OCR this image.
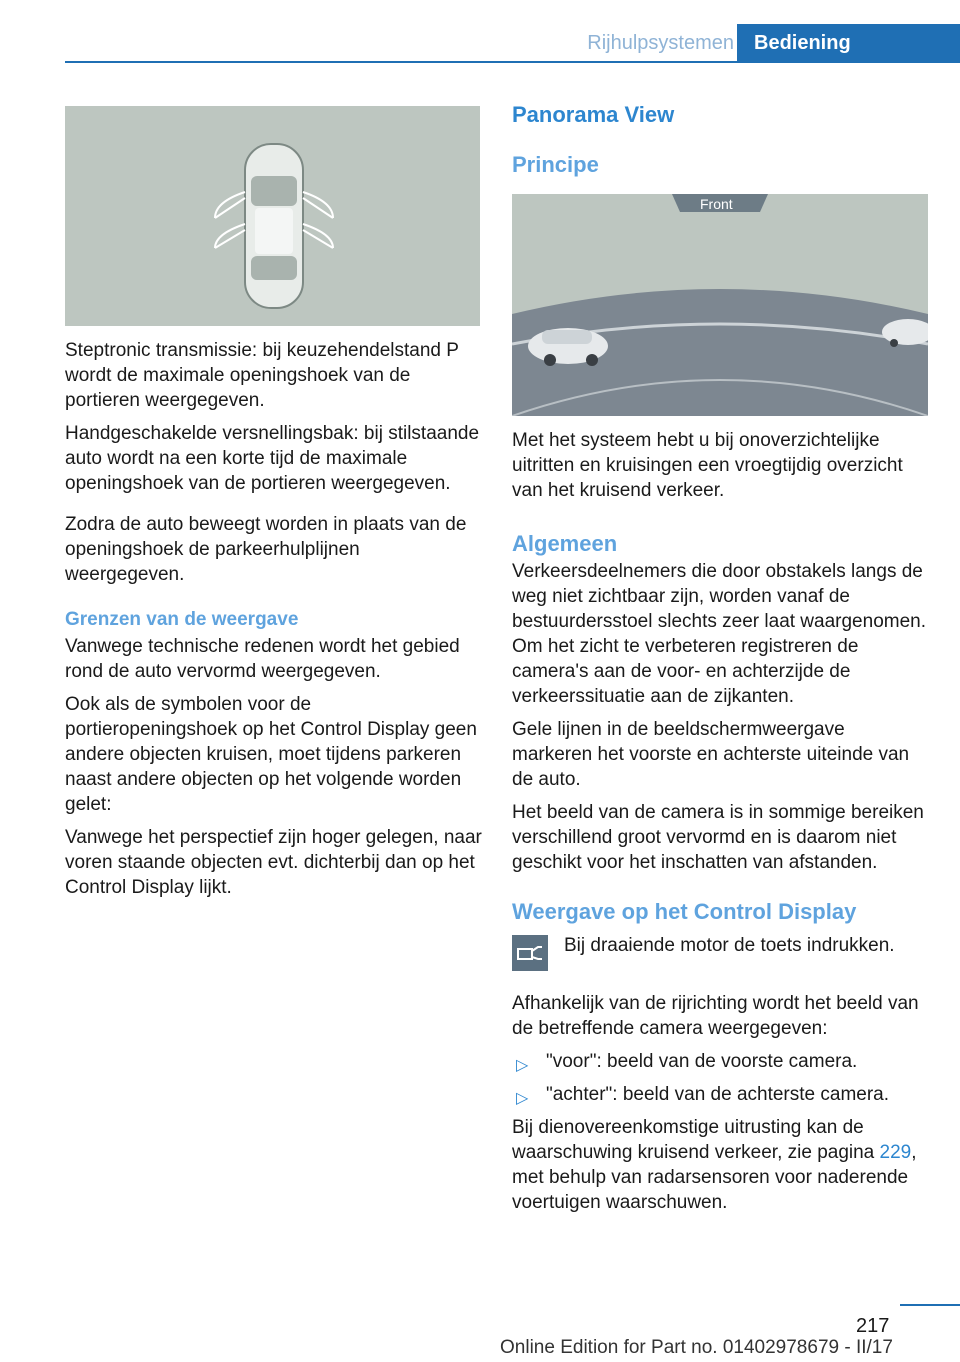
Rijhulpsystemen	Bediening

Steptronic transmissie: bij keuzehendelstand P wordt de maximale openingshoek van de portieren weergegeven.

Handgeschakelde versnellingsbak: bij stilstaande auto wordt na een korte tijd de maximale openingshoek van de portieren weergegeven.

Zodra de auto beweegt worden in plaats van de openingshoek de parkeerhulplijnen weergegeven.

Grenzen van de weergave

Vanwege technische redenen wordt het gebied rond de auto vervormd weergegeven.

Ook als de symbolen voor de portieropeningshoek op het Control Display geen andere objecten kruisen, moet tijdens parkeren naast andere objecten op het volgende worden gelet:

Vanwege het perspectief zijn hoger gelegen, naar voren staande objecten evt. dichterbij dan op het Control Display lijkt.

Panorama View
Principe
Front

Met het systeem hebt u bij onoverzichtelijke uitritten en kruisingen een vroegtijdig overzicht van het kruisend verkeer.

Algemeen

Verkeersdeelnemers die door obstakels langs de weg niet zichtbaar zijn, worden vanaf de bestuurdersstoel slechts zeer laat waargenomen. Om het zicht te verbeteren registreren de camera's aan de voor- en achterzijde de verkeerssituatie aan de zijkanten.

Gele lijnen in de beeldschermweergave markeren het voorste en achterste uiteinde van de auto.

Het beeld van de camera is in sommige bereiken verschillend groot vervormd en is daarom niet geschikt voor het inschatten van afstanden.

Weergave op het Control Display

Bij draaiende motor de toets indrukken.

Afhankelijk van de rijrichting wordt het beeld van de betreffende camera weergegeven:

▷ "voor": beeld van de voorste camera.
▷ "achter": beeld van de achterste camera.

Bij dienovereenkomstige uitrusting kan de waarschuwing kruisend verkeer, zie pagina 229, met behulp van radarsensoren voor naderende voertuigen waarschuwen.

217
Online Edition for Part no. 01402978679 - II/17
